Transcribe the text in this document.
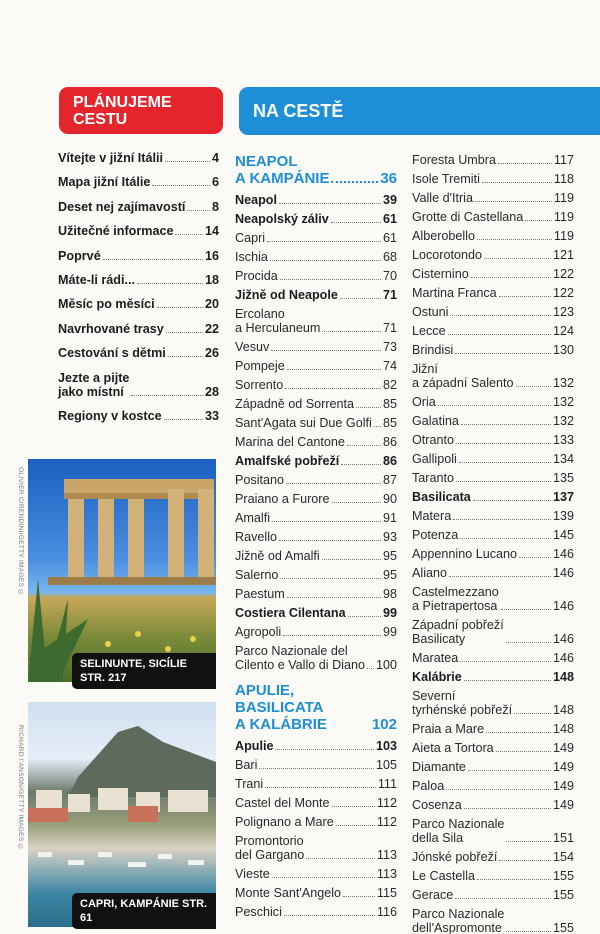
PLÁNUJEME
CESTU	NA CESTĚ
Vítejte v jižní Itálii	4
Mapa jižní Itálie	6
Deset nej zajímavostí 8
Užitečné informace	14
Poprvé	16
Máte-li rádi...	18
Měsíc po měsíci	20
Navrhované trasy	22
Cestování s dětmi	26
Jezte a pijte
jako místní	28
Regiony v kostce	33
NEAPOL
A KAMPÁNIE	36
Neapol	39
Neapolský záliv	61
Capri	61
Ischia	68
Procida	70
Jižně od Neapole	71
Ercolano
a Herculaneum	71
Vesuv	73
Pompeje	74
Sorrento	82
Západně od Sorrenta 85
Sant'Agata sui Due Golfi 85
Marina del Cantone	86
Amalfské pobřeží	86
Positano	87
Praiano a Furore	90
Amalfi	91
Ravello	93
Jižně od Amalfi	95
Salerno	95
Paestum	98
Costiera Cilentana	99
Agropoli	99
Parco Nazionale del
Cilento e Vallo di Diano 100
APULIE, BASILICATA
A KALÁBRIE	102
Apulie	103
Bari	105
Trani	111
Castel del Monte	112
Polignano a Mare	112
Promontorio
del Gargano	113
Vieste	113
Monte Sant'Angelo	115
Peschici	116
Foresta Umbra	117
Isole Tremiti	118
Valle d'Itria	119
Grotte di Castellana 119
Alberobello	119
Locorotondo	121
Cisternino	122
Martina Franca	122
Ostuni	123
Lecce	124
Brindisi	130
Jižní
a západní Salento	132
Oria	132
Galatina	132
Otranto	133
Gallipoli	134
Taranto	135
Basilicata	137
Matera	139
Potenza	145
Appennino Lucano	146
Aliano	146
Castelmezzano
a Pietrapertosa	146
Západní pobřeží
Basilicaty	146
Maratea	146
Kalábrie	148
Severní
tyrhénské pobřeží	148
Praia a Mare	148
Aieta a Tortora	149
Diamante	149
Paloa	149
Cosenza	149
Parco Nazionale
della Sila	151
Jónské pobřeží	154
Le Castella	155
Gerace	155
Parco Nazionale
dell'Aspromonte	155
SELINUNTE, SICÍLIE
STR. 217
OLIVIER CIRENDINI/GETTY IMAGES ©
CAPRI, KAMPÁNIE STR. 61
RICHARD I'ANSON/GETTY IMAGES ©
